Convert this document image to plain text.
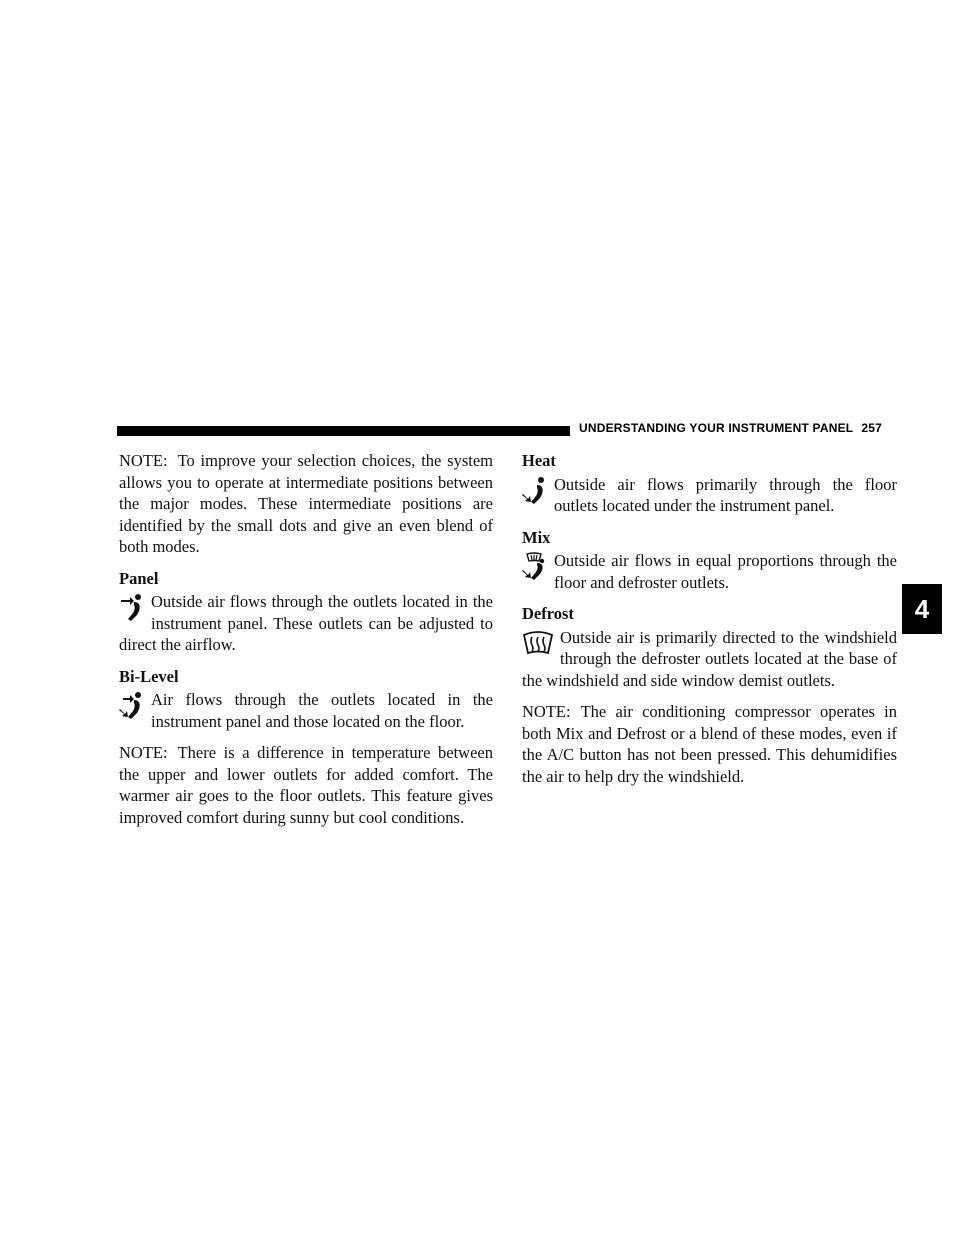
UNDERSTANDING YOUR INSTRUMENT PANEL 257
4

NOTE: To improve your selection choices, the system allows you to operate at intermediate positions between the major modes. These intermediate positions are identified by the small dots and give an even blend of both modes.

Panel
Outside air flows through the outlets located in the instrument panel. These outlets can be adjusted to direct the airflow.
Bi-Level
Air flows through the outlets located in the instrument panel and those located on the floor.

NOTE: There is a difference in temperature between the upper and lower outlets for added comfort. The warmer air goes to the floor outlets. This feature gives improved comfort during sunny but cool conditions.

Heat
Outside air flows primarily through the floor outlets located under the instrument panel.
Mix
Outside air flows in equal proportions through the floor and defroster outlets.
Defrost
Outside air is primarily directed to the windshield through the defroster outlets located at the base of the windshield and side window demist outlets.

NOTE: The air conditioning compressor operates in both Mix and Defrost or a blend of these modes, even if the A/C button has not been pressed. This dehumidifies the air to help dry the windshield.
